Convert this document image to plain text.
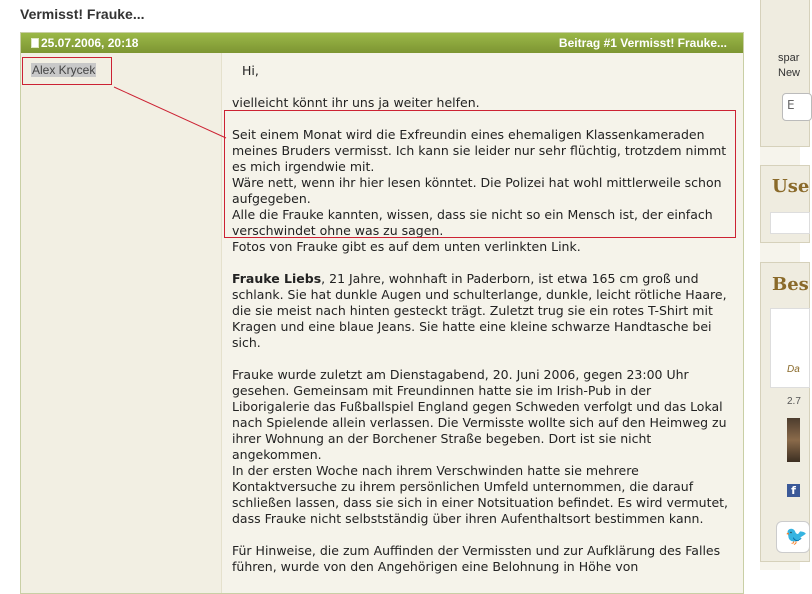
Vermisst! Frauke...
25.07.2006, 20:18	Beitrag #1 Vermisst! Frauke...
Alex Krycek	Hi,

vielleicht könnt ihr uns ja weiter helfen.

Seit einem Monat wird die Exfreundin eines ehemaligen Klassenkameraden meines Bruders vermisst. Ich kann sie leider nur sehr flüchtig, trotzdem nimmt es mich irgendwie mit.

Wäre nett, wenn ihr hier lesen könntet. Die Polizei hat wohl mittlerweile schon aufgegeben.

Alle die Frauke kannten, wissen, dass sie nicht so ein Mensch ist, der einfach verschwindet ohne was zu sagen.

Fotos von Frauke gibt es auf dem unten verlinkten Link.

Frauke Liebs, 21 Jahre, wohnhaft in Paderborn, ist etwa 165 cm groß und schlank. Sie hat dunkle Augen und schulterlange, dunkle, leicht rötliche Haare, die sie meist nach hinten gesteckt trägt. Zuletzt trug sie ein rotes T-Shirt mit Kragen und eine blaue Jeans. Sie hatte eine kleine schwarze Handtasche bei sich.

Frauke wurde zuletzt am Dienstagabend, 20. Juni 2006, gegen 23:00 Uhr gesehen. Gemeinsam mit Freundinnen hatte sie im Irish-Pub in der Liborigalerie das Fußballspiel England gegen Schweden verfolgt und das Lokal nach Spielende allein verlassen. Die Vermisste wollte sich auf den Heimweg zu ihrer Wohnung an der Borchener Straße begeben. Dort ist sie nicht angekommen.

In der ersten Woche nach ihrem Verschwinden hatte sie mehrere Kontaktversuche zu ihrem persönlichen Umfeld unternommen, die darauf schließen lassen, dass sie sich in einer Notsituation befindet. Es wird vermutet, dass Frauke nicht selbstständig über ihren Aufenthaltsort bestimmen kann.

Für Hinweise, die zum Auffinden der Vermissten und zur Aufklärung des Falles führen, wurde von den Angehörigen eine Belohnung in Höhe von

spar
New
E
Use
Bes
Da
2.7
f
🐦
